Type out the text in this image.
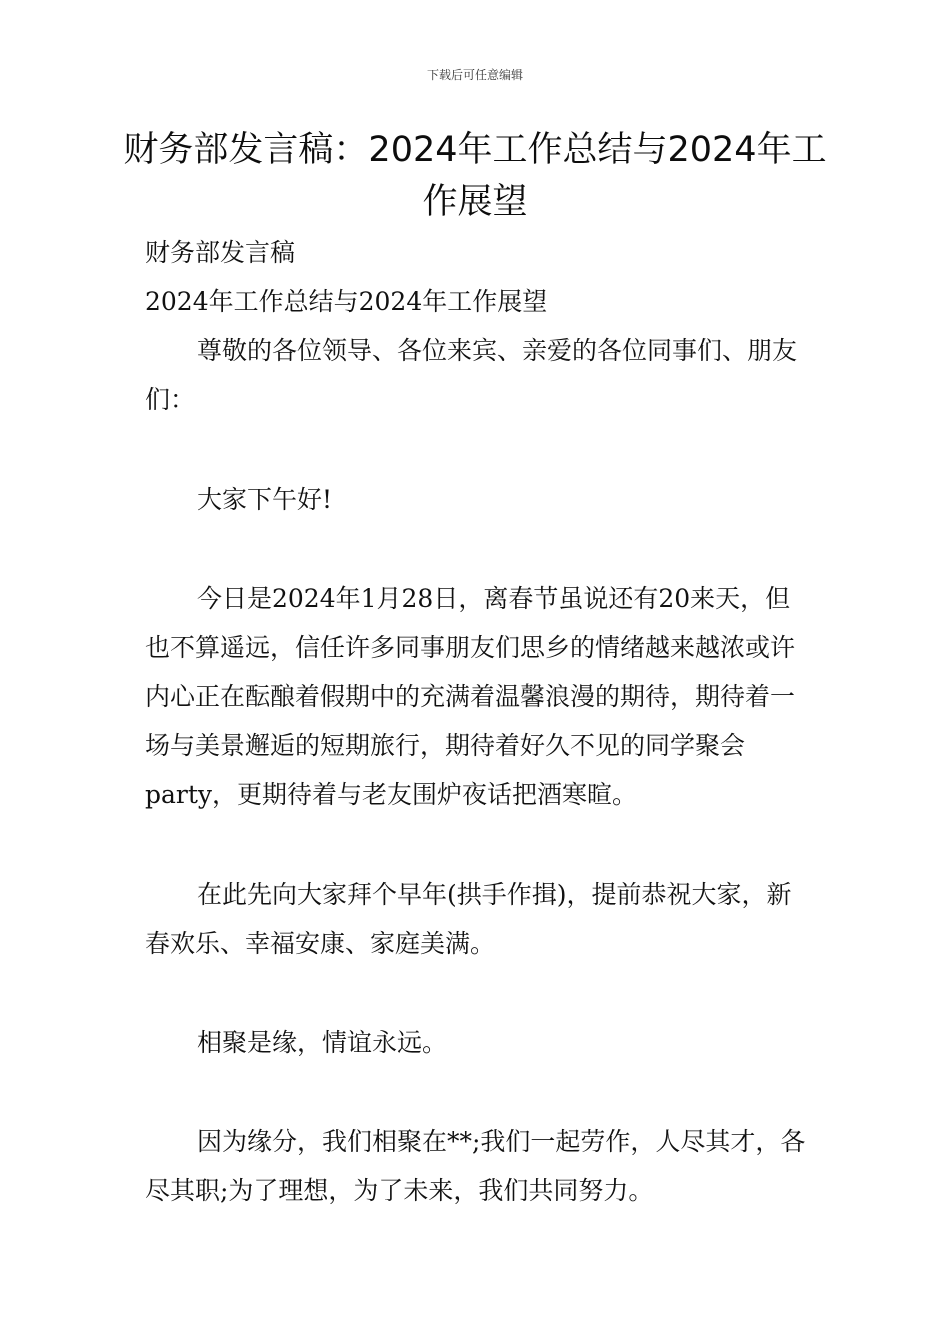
下载后可任意编辑
财务部发言稿：2024年工作总结与2024年工作展望

财务部发言稿

2024年工作总结与2024年工作展望

尊敬的各位领导、各位来宾、亲爱的各位同事们、朋友们：

大家下午好!

今日是2024年1月28日，离春节虽说还有20来天，但也不算遥远，信任许多同事朋友们思乡的情绪越来越浓或许内心正在酝酿着假期中的充满着温馨浪漫的期待，期待着一场与美景邂逅的短期旅行，期待着好久不见的同学聚会party，更期待着与老友围炉夜话把酒寒暄。

在此先向大家拜个早年(拱手作揖)，提前恭祝大家，新春欢乐、幸福安康、家庭美满。

相聚是缘，情谊永远。

因为缘分，我们相聚在**;我们一起劳作，人尽其才，各尽其职;为了理想，为了未来，我们共同努力。
